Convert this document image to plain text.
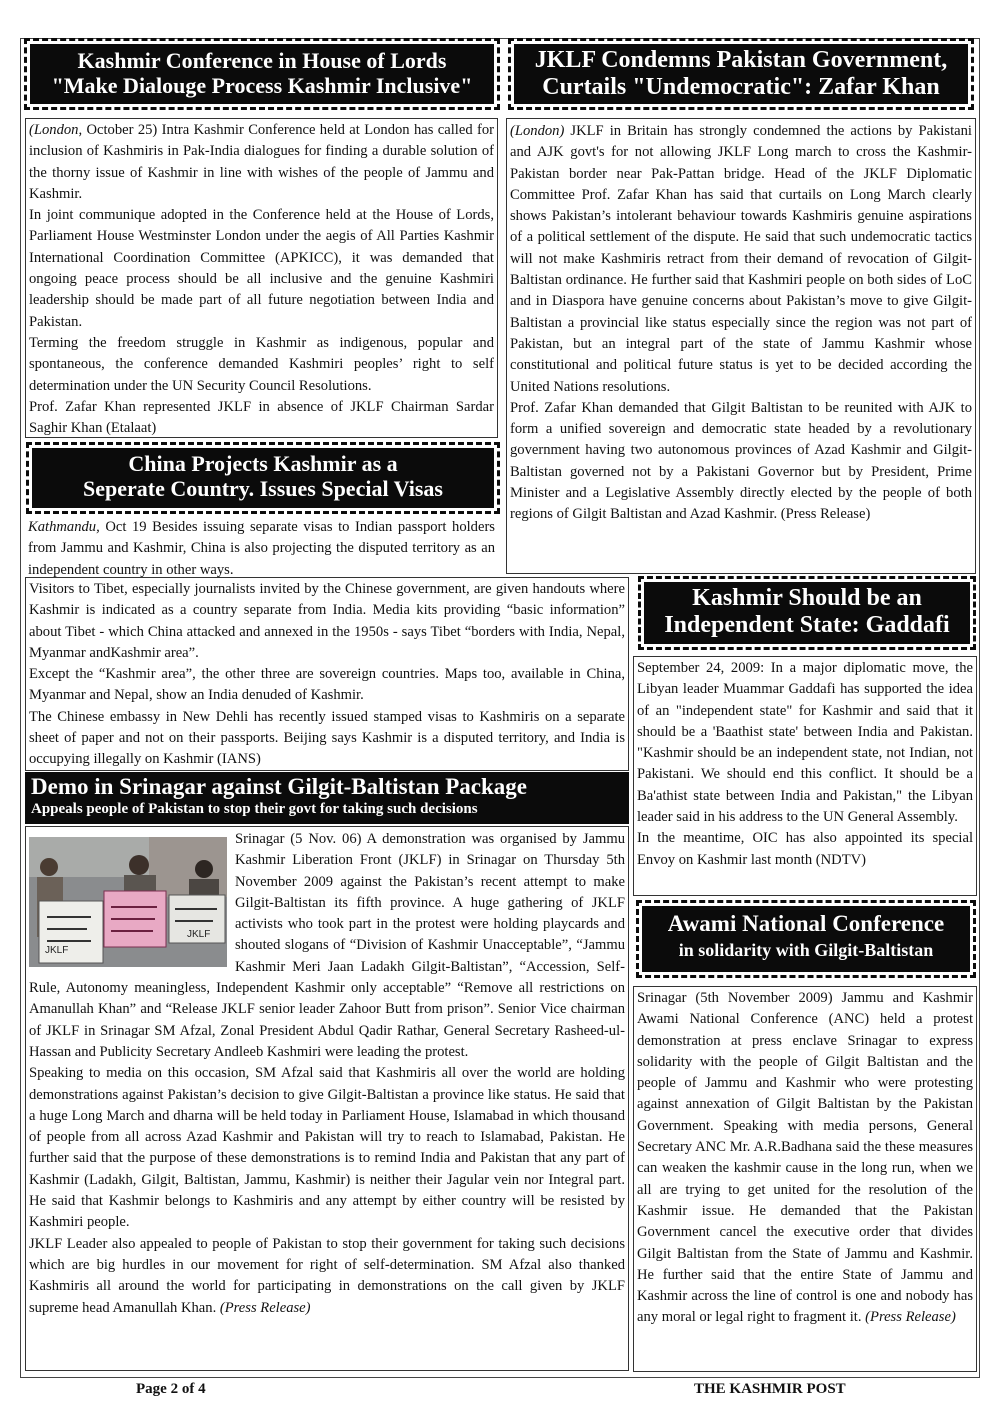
Kashmir Conference in House of Lords
"Make Dialouge Process Kashmir Inclusive"

(London, October 25) Intra Kashmir Conference held at London has called for inclusion of Kashmiris in Pak-India dialogues for finding a durable solution of the thorny issue of Kashmir in line with wishes of the people of Jammu and Kashmir.

In joint communique adopted in the Conference held at the House of Lords, Parliament House Westminster London under the aegis of All Parties Kashmir International Coordination Committee (APKICC), it was demanded that ongoing peace process should be all inclusive and the genuine Kashmiri leadership should be made part of all future negotiation between India and Pakistan.

Terming the freedom struggle in Kashmir as indigenous, popular and spontaneous, the conference demanded Kashmiri peoples’ right to self determination under the UN Security Council Resolutions.

Prof. Zafar Khan represented JKLF in absence of JKLF Chairman Sardar Saghir Khan (Etalaat)

JKLF Condemns Pakistan Government,
Curtails "Undemocratic": Zafar Khan

(London) JKLF in Britain has strongly condemned the actions by Pakistani and AJK govt's for not allowing JKLF Long march to cross the Kashmir-Pakistan border near Pak-Pattan bridge. Head of the JKLF Diplomatic Committee Prof. Zafar Khan has said that curtails on Long March clearly shows Pakistan’s intolerant behaviour towards Kashmiris genuine aspirations of a political settlement of the dispute. He said that such undemocratic tactics will not make Kashmiris retract from their demand of revocation of Gilgit-Baltistan ordinance. He further said that Kashmiri people on both sides of LoC and in Diaspora have genuine concerns about Pakistan’s move to give Gilgit-Baltistan a provincial like status especially since the region was not part of Pakistan, but an integral part of the state of Jammu Kashmir whose constitutional and political future status is yet to be decided according the United Nations resolutions.

Prof. Zafar Khan demanded that Gilgit Baltistan to be reunited with AJK to form a unified sovereign and democratic state headed by a revolutionary government having two autonomous provinces of Azad Kashmir and Gilgit-Baltistan governed not by a Pakistani Governor but by President, Prime Minister and a Legislative Assembly directly elected by the people of both regions of Gilgit Baltistan and Azad Kashmir. (Press Release)

China Projects Kashmir as a
Seperate Country. Issues Special Visas

Kathmandu, Oct 19 Besides issuing separate visas to Indian passport holders from Jammu and Kashmir, China is also projecting the disputed territory as an independent country in other ways.

Visitors to Tibet, especially journalists invited by the Chinese government, are given handouts where Kashmir is indicated as a country separate from India. Media kits providing “basic information” about Tibet - which China attacked and annexed in the 1950s - says Tibet “borders with India, Nepal, Myanmar andKashmir area”.

Except the “Kashmir area”, the other three are sovereign countries. Maps too, available in China, Myanmar and Nepal, show an India denuded of Kashmir.

The Chinese embassy in New Dehli has recently issued stamped visas to Kashmiris on a separate sheet of paper and not on their passports. Beijing says Kashmir is a disputed territory, and India is occupying illegally on Kashmir (IANS)

Kashmir Should be an
Independent State: Gaddafi

September 24, 2009: In a major diplomatic move, the Libyan leader Muammar Gaddafi has supported the idea of an "independent state" for Kashmir and said that it should be a 'Baathist state' between India and Pakistan. "Kashmir should be an independent state, not Indian, not Pakistani. We should end this conflict. It should be a Ba'athist state between India and Pakistan," the Libyan leader said in his address to the UN General Assembly.

In the meantime, OIC has also appointed its special Envoy on Kashmir last month (NDTV)

Demo in Srinagar against Gilgit-Baltistan Package
Appeals people of Pakistan to stop their govt for taking such decisions
JKLF
JKLF

Srinagar (5 Nov. 06) A demonstration was organised by Jammu Kashmir Liberation Front (JKLF) in Srinagar on Thursday 5th November 2009 against the Pakistan’s recent attempt to make Gilgit-Baltistan its fifth province. A huge gathering of JKLF activists who took part in the protest were holding playcards and shouted slogans of “Division of Kashmir Unacceptable”, “Jammu Kashmir Meri Jaan Ladakh Gilgit-Baltistan”, “Accession, Self-Rule, Autonomy meaningless, Independent Kashmir only acceptable” “Remove all restrictions on Amanullah Khan” and “Release JKLF senior leader Zahoor Butt from prison”. Senior Vice chairman of JKLF in Srinagar SM Afzal, Zonal President Abdul Qadir Rathar, General Secretary Rasheed-ul-Hassan and Publicity Secretary Andleeb Kashmiri were leading the protest.

Speaking to media on this occasion, SM Afzal said that Kashmiris all over the world are holding demonstrations against Pakistan’s decision to give Gilgit-Baltistan a province like status. He said that a huge Long March and dharna will be held today in Parliament House, Islamabad in which thousand of people from all across Azad Kashmir and Pakistan will try to reach to Islamabad, Pakistan. He further said that the purpose of these demonstrations is to remind India and Pakistan that any part of Kashmir (Ladakh, Gilgit, Baltistan, Jammu, Kashmir) is neither their Jagular vein nor Integral part. He said that Kashmir belongs to Kashmiris and any attempt by either country will be resisted by Kashmiri people.

JKLF Leader also appealed to people of Pakistan to stop their government for taking such decisions which are big hurdles in our movement for right of self-determination. SM Afzal also thanked Kashmiris all around the world for participating in demonstrations on the call given by JKLF supreme head Amanullah Khan. (Press Release)

Awami National Conference
in solidarity with Gilgit-Baltistan

Srinagar (5th November 2009) Jammu and Kashmir Awami National Conference (ANC) held a protest demonstration at press enclave Srinagar to express solidarity with the people of Gilgit Baltistan and the people of Jammu and Kashmir who were protesting against annexation of Gilgit Baltistan by the Pakistan Government. Speaking with media persons, General Secretary ANC Mr. A.R.Badhana said the these measures can weaken the kashmir cause in the long run, when we all are trying to get united for the resolution of the Kashmir issue. He demanded that the Pakistan Government cancel the executive order that divides Gilgit Baltistan from the State of Jammu and Kashmir. He further said that the entire State of Jammu and Kashmir across the line of control is one and nobody has any moral or legal right to fragment it. (Press Release)

Page 2 of 4	THE KASHMIR POST
